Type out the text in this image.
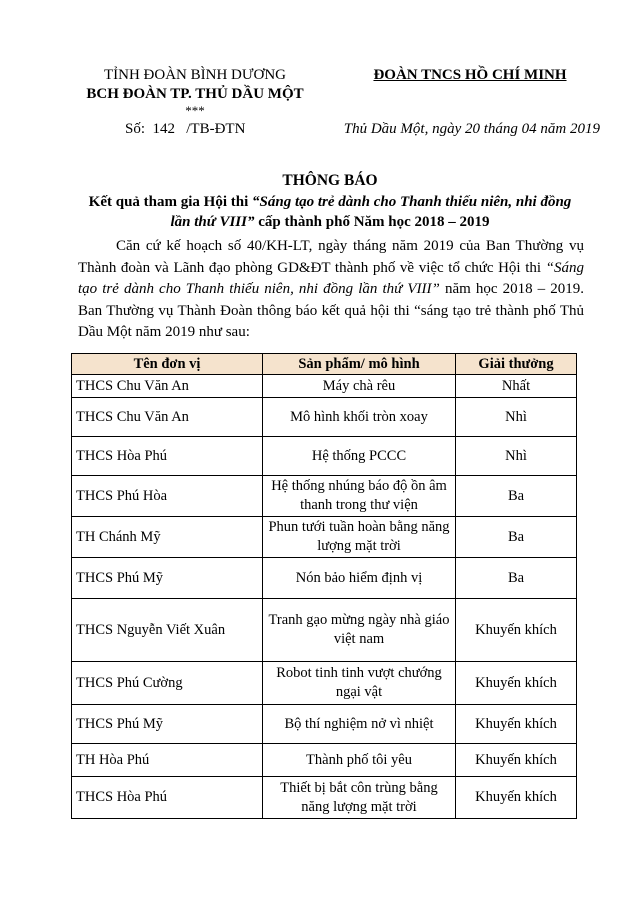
TỈNH ĐOÀN BÌNH DƯƠNG
BCH ĐOÀN TP. THỦ DẦU MỘT
***
Số:  142   /TB-ĐTN
ĐOÀN TNCS HỒ CHÍ MINH
Thủ Dầu Một, ngày 20 tháng 04 năm 2019
THÔNG BÁO
Kết quả tham gia Hội thi “Sáng tạo trẻ dành cho Thanh thiếu niên, nhi đồng
lần thứ VIII” cấp thành phố Năm học 2018 – 2019
Căn cứ kế hoạch số 40/KH-LT, ngày tháng năm 2019 của Ban Thường vụ Thành đoàn và Lãnh đạo phòng GD&ĐT thành phố về việc tổ chức Hội thi “Sáng tạo trẻ dành cho Thanh thiếu niên, nhi đồng lần thứ VIII” năm học 2018 – 2019. Ban Thường vụ Thành Đoàn thông báo kết quả hội thi “sáng tạo trẻ thành phố Thủ Dầu Một năm 2019 như sau:
Tên đơn vị	Sản phẩm/ mô hình	Giải thưởng
THCS Chu Văn An	Máy chà rêu	Nhất
THCS Chu Văn An	Mô hình khối tròn xoay	Nhì
THCS Hòa Phú	Hệ thống PCCC	Nhì
THCS Phú Hòa	Hệ thống nhúng báo độ ồn âm thanh trong thư viện	Ba
TH Chánh Mỹ	Phun tưới tuần hoàn bằng năng lượng mặt trời	Ba
THCS Phú Mỹ	Nón bảo hiểm định vị	Ba
THCS Nguyễn Viết Xuân	Tranh gạo mừng ngày nhà giáo việt nam	Khuyến khích
THCS Phú Cường	Robot tinh tinh vượt chướng ngại vật	Khuyến khích
THCS Phú Mỹ	Bộ thí nghiệm nở vì nhiệt	Khuyến khích
TH Hòa Phú	Thành phố tôi yêu	Khuyến khích
THCS Hòa Phú	Thiết bị bắt côn trùng bằng năng lượng mặt trời	Khuyến khích
